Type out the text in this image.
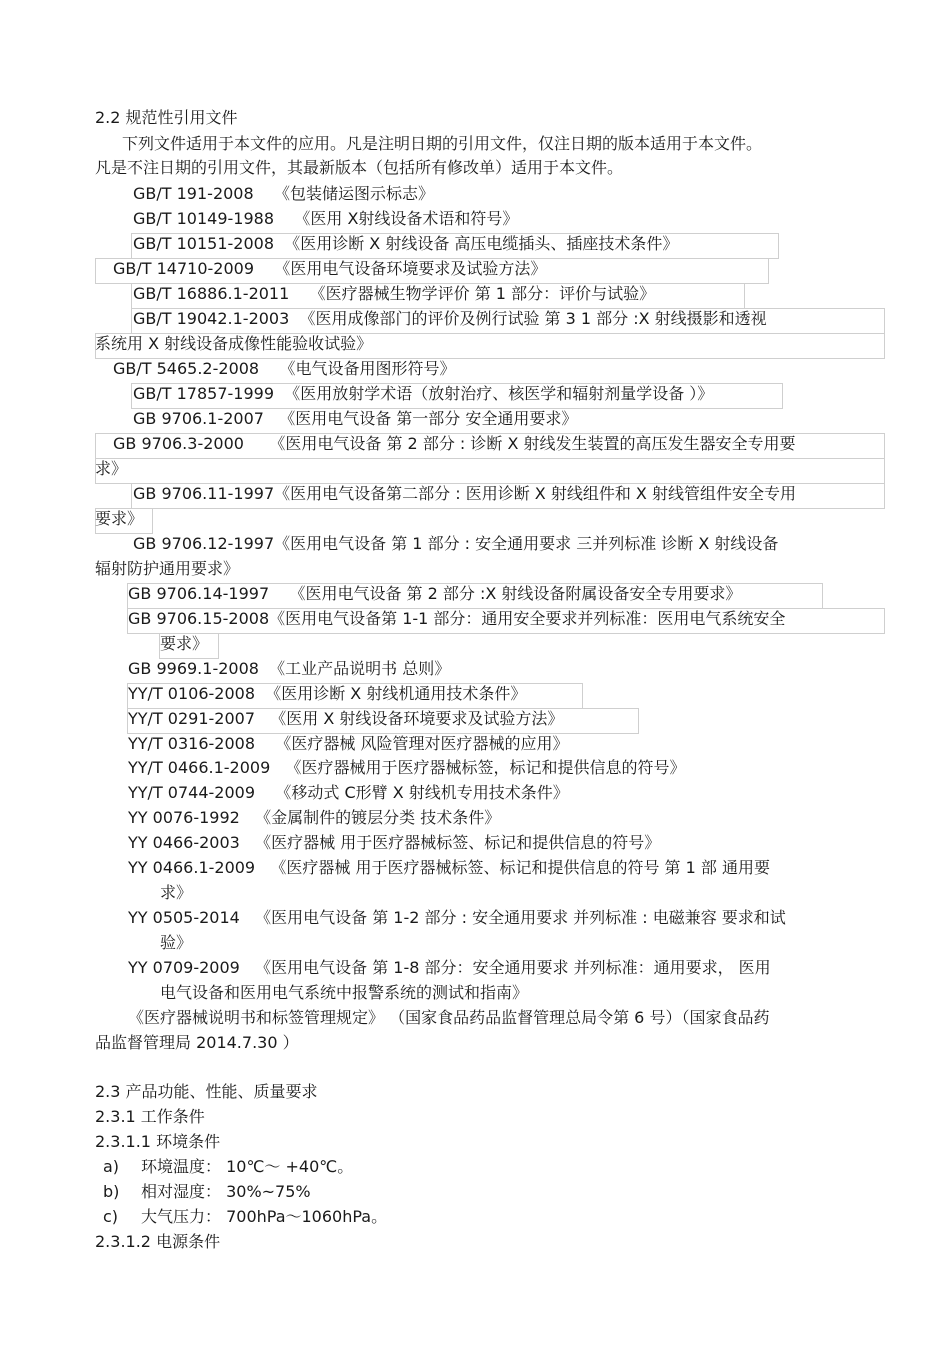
2.2 规范性引用文件
下列文件适用于本文件的应用。凡是注明日期的引用文件，仅注日期的版本适用于本文件。
凡是不注日期的引用文件，其最新版本（包括所有修改单）适用于本文件。
GB/T 191-2008 《包装储运图示标志》
GB/T 10149-1988 《医用 X射线设备术语和符号》
GB/T 10151-2008 《医用诊断 X 射线设备 高压电缆插头、插座技术条件》
GB/T 14710-2009 《医用电气设备环境要求及试验方法》
GB/T 16886.1-2011 《医疗器械生物学评价 第 1 部分：评价与试验》
GB/T 19042.1-2003 《医用成像部门的评价及例行试验 第 3 1 部分 :X 射线摄影和透视
系统用 X 射线设备成像性能验收试验》
GB/T 5465.2-2008 《电气设备用图形符号》
GB/T 17857-1999 《医用放射学术语（放射治疗、核医学和辐射剂量学设备 ）》
GB 9706.1-2007 《医用电气设备 第一部分 安全通用要求》
GB 9706.3-2000 《医用电气设备 第 2 部分 : 诊断 X 射线发生装置的高压发生器安全专用要
求》
GB 9706.11-1997《医用电气设备第二部分 : 医用诊断 X 射线组件和 X 射线管组件安全专用
要求》
GB 9706.12-1997《医用电气设备 第 1 部分 : 安全通用要求 三并列标准 诊断 X 射线设备
辐射防护通用要求》
GB 9706.14-1997 《医用电气设备 第 2 部分 :X 射线设备附属设备安全专用要求》
GB 9706.15-2008《医用电气设备第 1-1 部分：通用安全要求并列标准：医用电气系统安全
要求》
GB 9969.1-2008 《工业产品说明书 总则》
YY/T 0106-2008 《医用诊断 X 射线机通用技术条件》
YY/T 0291-2007 《医用 X 射线设备环境要求及试验方法》
YY/T 0316-2008 《医疗器械 风险管理对医疗器械的应用》
YY/T 0466.1-2009 《医疗器械用于医疗器械标签，标记和提供信息的符号》
YY/T 0744-2009 《移动式 C形臂 X 射线机专用技术条件》
YY 0076-1992 《金属制件的镀层分类 技术条件》
YY 0466-2003 《医疗器械 用于医疗器械标签、标记和提供信息的符号》
YY 0466.1-2009 《医疗器械 用于医疗器械标签、标记和提供信息的符号 第 1 部 通用要
求》
YY 0505-2014 《医用电气设备 第 1-2 部分 : 安全通用要求 并列标准 : 电磁兼容 要求和试
验》
YY 0709-2009 《医用电气设备 第 1-8 部分：安全通用要求 并列标准：通用要求， 医用
电气设备和医用电气系统中报警系统的测试和指南》
《医疗器械说明书和标签管理规定》 （国家食品药品监督管理总局令第 6 号）（国家食品药
品监督管理局 2014.7.30 ）
2.3 产品功能、性能、质量要求
2.3.1 工作条件
2.3.1.1 环境条件
a) 环境温度： 10℃～ +40℃。
b) 相对湿度： 30%~75%
c) 大气压力： 700hPa～1060hPa。
2.3.1.2 电源条件
